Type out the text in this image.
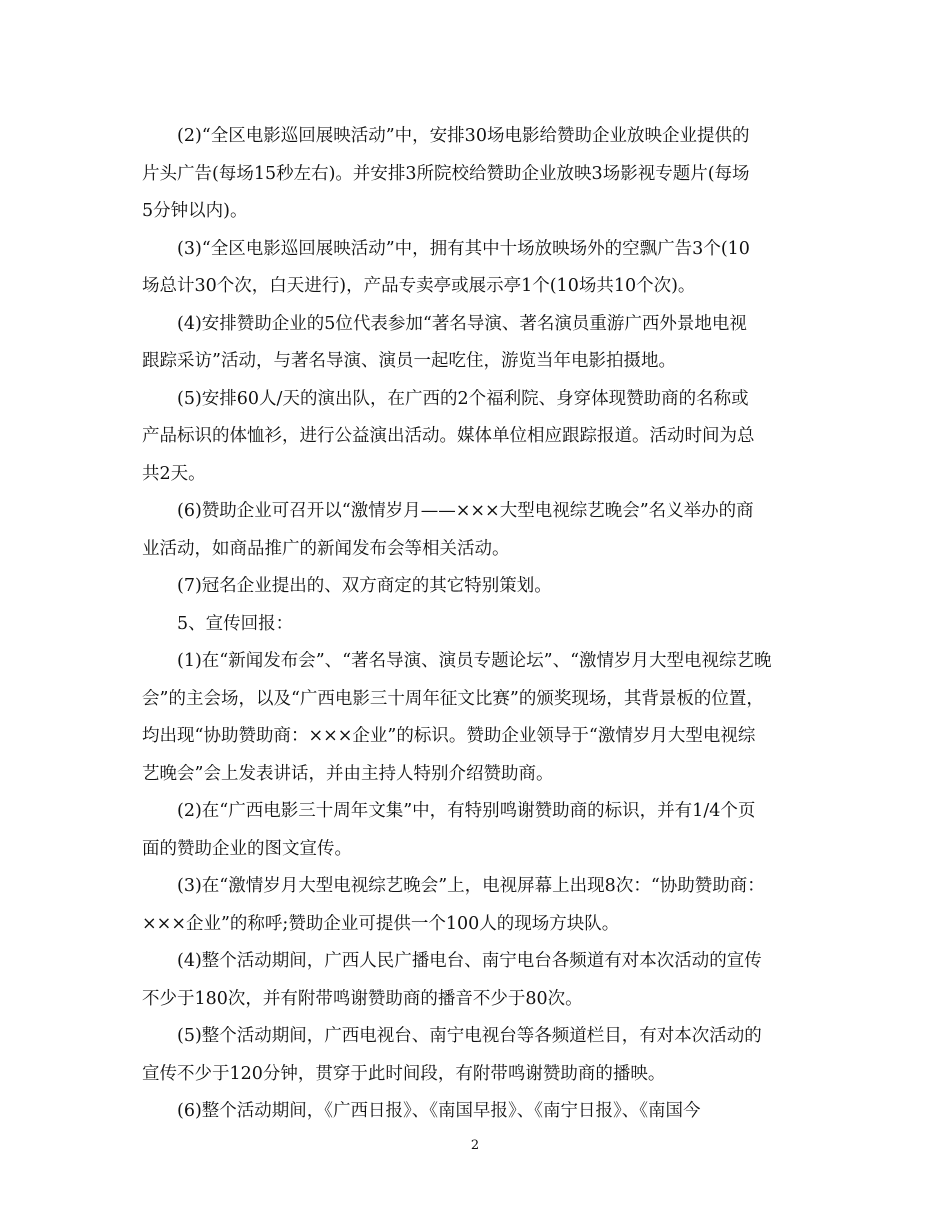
(2)“全区电影巡回展映活动”中，安排30场电影给赞助企业放映企业提供的
片头广告(每场15秒左右)。并安排3所院校给赞助企业放映3场影视专题片(每场
5分钟以内)。
(3)“全区电影巡回展映活动”中，拥有其中十场放映场外的空飘广告3个(10
场总计30个次，白天进行)，产品专卖亭或展示亭1个(10场共10个次)。
(4)安排赞助企业的5位代表参加“著名导演、著名演员重游广西外景地电视
跟踪采访”活动，与著名导演、演员一起吃住，游览当年电影拍摄地。
(5)安排60人/天的演出队，在广西的2个福利院、身穿体现赞助商的名称或
产品标识的体恤衫，进行公益演出活动。媒体单位相应跟踪报道。活动时间为总
共2天。
(6)赞助企业可召开以“激情岁月——×××大型电视综艺晚会”名义举办的商
业活动，如商品推广的新闻发布会等相关活动。
(7)冠名企业提出的、双方商定的其它特别策划。
5、宣传回报：
(1)在“新闻发布会”、“著名导演、演员专题论坛”、“激情岁月大型电视综艺晚
会”的主会场，以及“广西电影三十周年征文比赛”的颁奖现场，其背景板的位置，
均出现“协助赞助商：×××企业”的标识。赞助企业领导于“激情岁月大型电视综
艺晚会”会上发表讲话，并由主持人特别介绍赞助商。
(2)在“广西电影三十周年文集”中，有特别鸣谢赞助商的标识，并有1/4个页
面的赞助企业的图文宣传。
(3)在“激情岁月大型电视综艺晚会”上，电视屏幕上出现8次：“协助赞助商：
×××企业”的称呼;赞助企业可提供一个100人的现场方块队。
(4)整个活动期间，广西人民广播电台、南宁电台各频道有对本次活动的宣传
不少于180次，并有附带鸣谢赞助商的播音不少于80次。
(5)整个活动期间，广西电视台、南宁电视台等各频道栏目，有对本次活动的
宣传不少于120分钟，贯穿于此时间段，有附带鸣谢赞助商的播映。
(6)整个活动期间，《广西日报》、《南国早报》、《南宁日报》、《南国今
2
